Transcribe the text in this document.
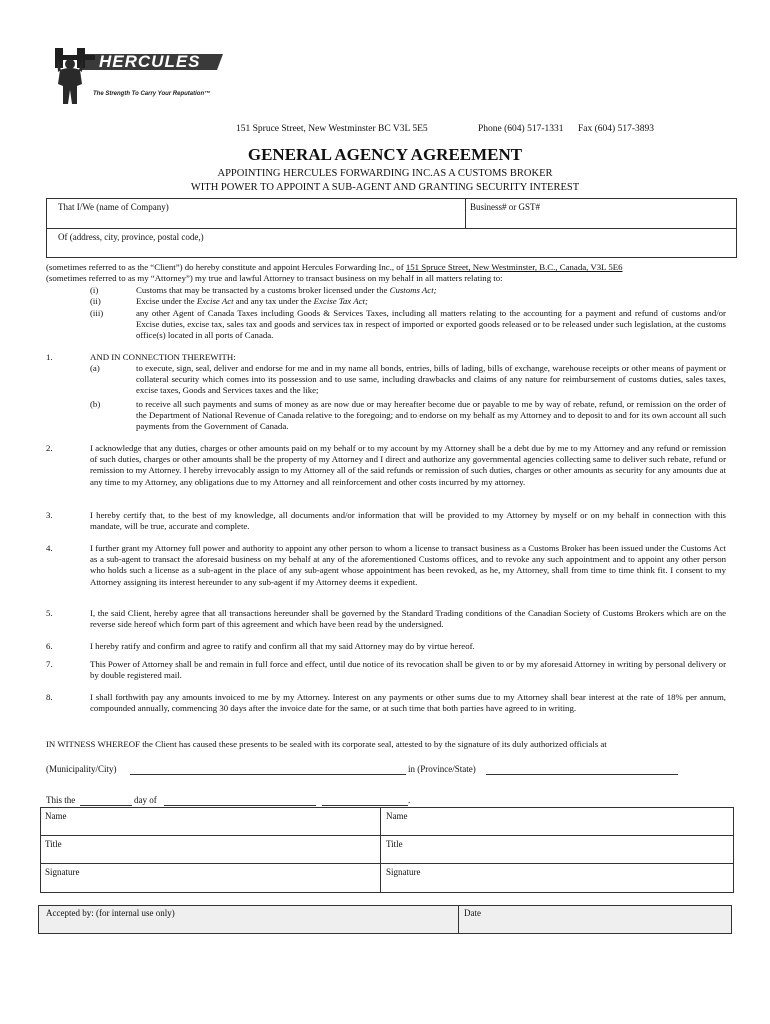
HERCULES
The Strength To Carry Your Reputation™
151 Spruce Street, New Westminster BC V3L 5E5	Phone (604) 517-1331 Fax (604) 517-3893
GENERAL AGENCY AGREEMENT
APPOINTING HERCULES FORWARDING INC.AS A CUSTOMS BROKER
WITH POWER TO APPOINT A SUB-AGENT AND GRANTING SECURITY INTEREST
That I/We (name of Company)	Business# or GST#
Of (address, city, province, postal code,)
(sometimes referred to as the “Client”) do hereby constitute and appoint Hercules Forwarding Inc., of 151 Spruce Street, New Westminster, B.C., Canada, V3L 5E6
(sometimes referred to as my “Attorney”) my true and lawful Attorney to transact business on my behalf in all matters relating to:
(i)	Customs that may be transacted by a customs broker licensed under the Customs Act;
(ii)	Excise under the Excise Act and any tax under the Excise Tax Act;
(iii)	any other Agent of Canada Taxes including Goods & Services Taxes, including all matters relating to the accounting for a payment and refund of customs and/or Excise duties, excise tax, sales tax and goods and services tax in respect of imported or exported goods released or to be released under such legislation, at the customs office(s) located in all ports of Canada.
1.	AND IN CONNECTION THEREWITH:
(a)	to execute, sign, seal, deliver and endorse for me and in my name all bonds, entries, bills of lading, bills of exchange, warehouse receipts or other means of payment or collateral security which comes into its possession and to use same, including drawbacks and claims of any nature for reimbursement of customs duties, sales taxes, excise taxes, Goods and Services taxes and the like;
(b)	to receive all such payments and sums of money as are now due or may hereafter become due or payable to me by way of rebate, refund, or remission on the order of the Department of National Revenue of Canada relative to the foregoing; and to endorse on my behalf as my Attorney and to deposit to and for its own account all such payments from the Government of Canada.
2.	I acknowledge that any duties, charges or other amounts paid on my behalf or to my account by my Attorney shall be a debt due by me to my Attorney and any refund or remission of such duties, charges or other amounts shall be the property of my Attorney and I direct and authorize any governmental agencies collecting same to deliver such rebate, refund or remission to my Attorney. I hereby irrevocably assign to my Attorney all of the said refunds or remission of such duties, charges or other amounts as security for any amounts due at any time to my Attorney, any obligations due to my Attorney and all reinforcement and other costs incurred by my attorney.
3.	I hereby certify that, to the best of my knowledge, all documents and/or information that will be provided to my Attorney by myself or on my behalf in connection with this mandate, will be true, accurate and complete.
4.	I further grant my Attorney full power and authority to appoint any other person to whom a license to transact business as a Customs Broker has been issued under the Customs Act as a sub-agent to transact the aforesaid business on my behalf at any of the aforementioned Customs offices, and to revoke any such appointment and to appoint any other person who holds such a license as a sub-agent in the place of any sub-agent whose appointment has been revoked, as he, my Attorney, shall from time to time think fit. I consent to my Attorney assigning its interest hereunder to any sub-agent if my Attorney deems it expedient.
5.	I, the said Client, hereby agree that all transactions hereunder shall be governed by the Standard Trading conditions of the Canadian Society of Customs Brokers which are on the reverse side hereof which form part of this agreement and which have been read by the undersigned.
6.	I hereby ratify and confirm and agree to ratify and confirm all that my said Attorney may do by virtue hereof.
7.	This Power of Attorney shall be and remain in full force and effect, until due notice of its revocation shall be given to or by my aforesaid Attorney in writing by personal delivery or by double registered mail.
8.	I shall forthwith pay any amounts invoiced to me by my Attorney. Interest on any payments or other sums due to my Attorney shall bear interest at the rate of 18% per annum, compounded annually, commencing 30 days after the invoice date for the same, or at such time that both parties have agreed to in writing.
IN WITNESS WHEREOF the Client has caused these presents to be sealed with its corporate seal, attested to by the signature of its duly authorized officials at
(Municipality/City)	in (Province/State)
This the	day of	.
Name	Name
Title	Title
Signature	Signature
Accepted by: (for internal use only)	Date
